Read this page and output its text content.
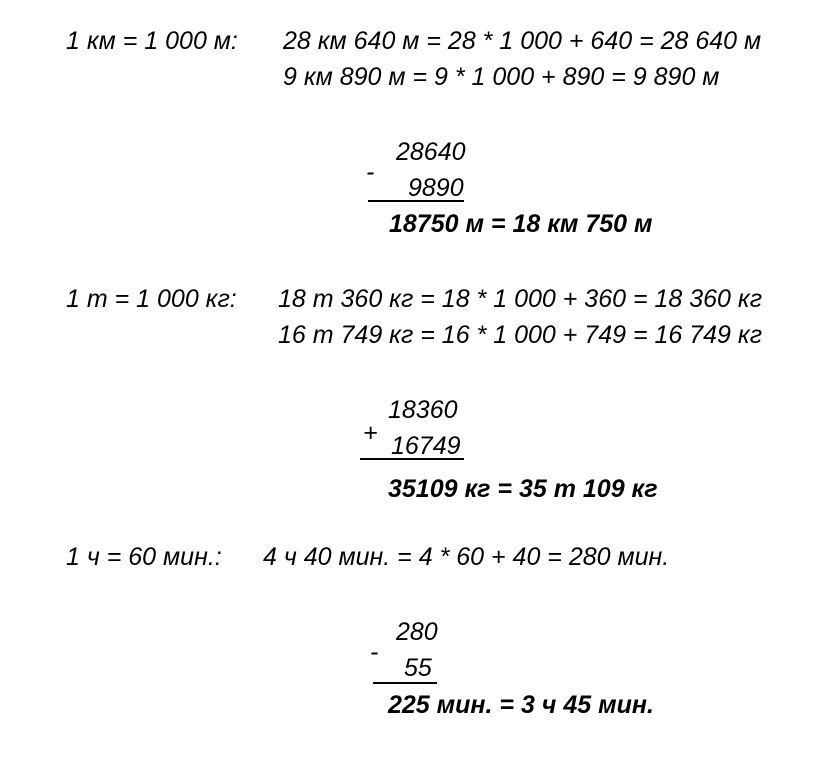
1 км = 1 000 м: 28 км 640 м = 28 * 1 000 + 640 = 28 640 м
9 км 890 м = 9 * 1 000 + 890 = 9 890 м
-
28640
9890
18750 м = 18 км 750 м
1 т = 1 000 кг: 18 т 360 кг = 18 * 1 000 + 360 = 18 360 кг
16 т 749 кг = 16 * 1 000 + 749 = 16 749 кг
+
18360
16749
35109 кг = 35 т 109 кг
1 ч = 60 мин.: 4 ч 40 мин. = 4 * 60 + 40 = 280 мин.
-
280
55
225 мин. = 3 ч 45 мин.
